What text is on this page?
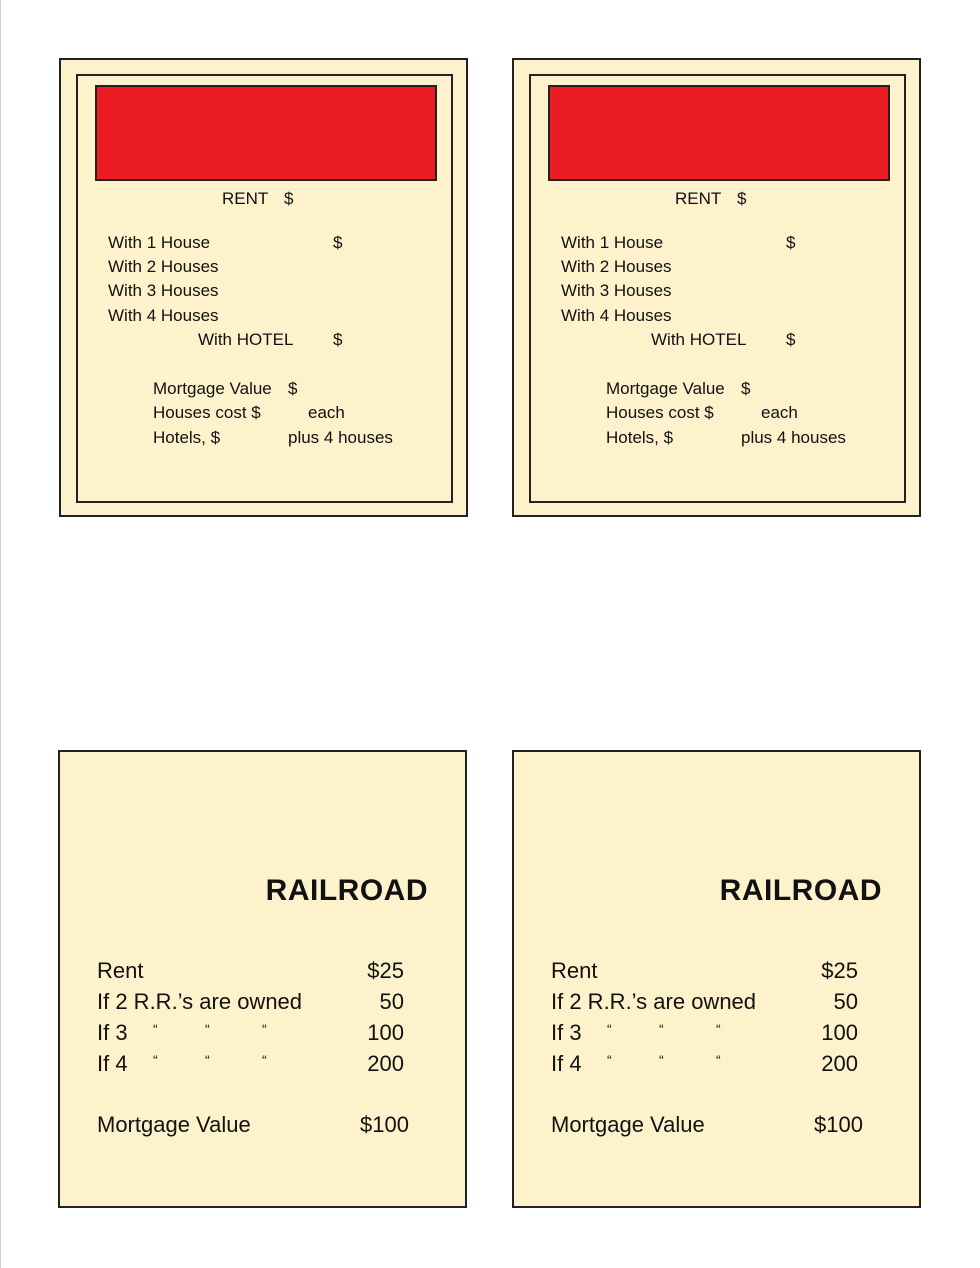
RENT $
With 1 House	$
With 2 Houses
With 3 Houses
With 4 Houses
With HOTEL $
Mortgage Value $
Houses cost $	each
Hotels, $	plus 4 houses
RENT $
With 1 House	$
With 2 Houses
With 3 Houses
With 4 Houses
With HOTEL $
Mortgage Value $
Houses cost $	each
Hotels, $	plus 4 houses
RAILROAD
Rent	$25
If 2 R.R.’s are owned	50
If 3 “	“	“	100
If 4 “	“	“	200
Mortgage Value	$100
RAILROAD
Rent	$25
If 2 R.R.’s are owned	50
If 3 “	“	“	100
If 4 “	“	“	200
Mortgage Value	$100
